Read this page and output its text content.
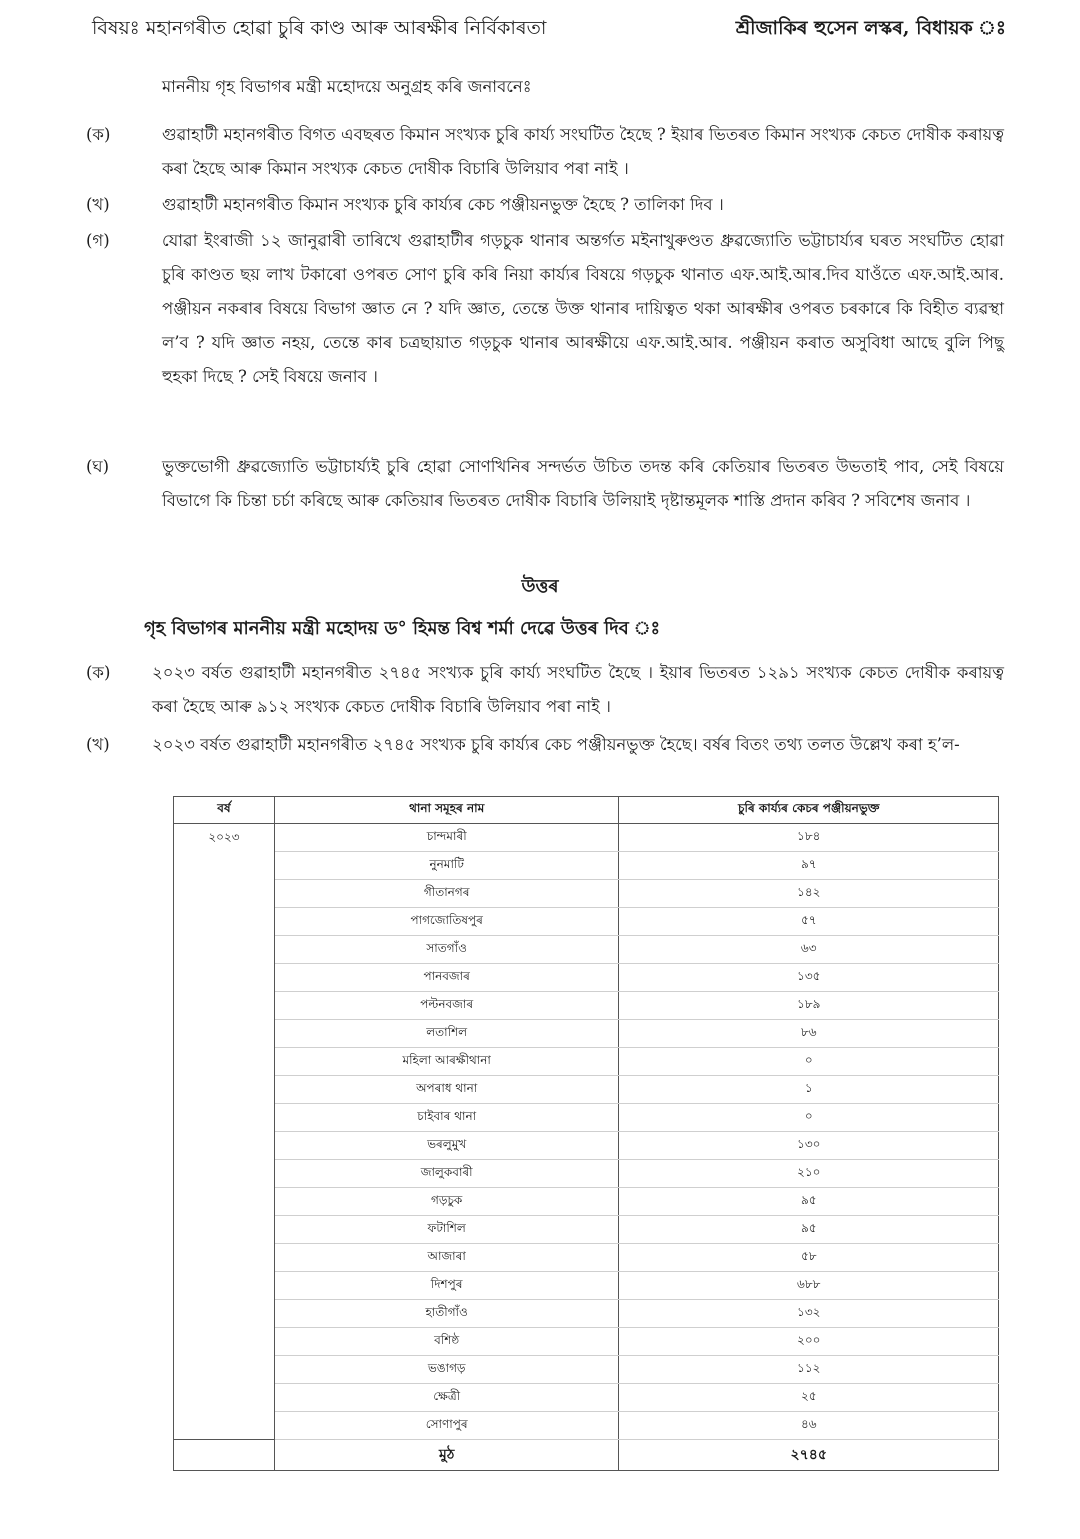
বিষয়ঃ মহানগৰীত হোৱা চুৰি কাণ্ড আৰু আৰক্ষীৰ নিৰ্বিকাৰতা	শ্ৰীজাকিৰ হুসেন লস্কৰ, বিধায়ক ঃ
মাননীয় গৃহ বিভাগৰ মন্ত্ৰী মহোদয়ে অনুগ্ৰহ কৰি জনাবনেঃ
(ক)	গুৱাহাটী মহানগৰীত বিগত এবছৰত কিমান সংখ্যক চুৰি কাৰ্য্য সংঘটিত হৈছে ? ইয়াৰ ভিতৰত কিমান সংখ্যক কেচত দোষীক কৰায়ত্ব কৰা হৈছে আৰু কিমান সংখ্যক কেচত দোষীক বিচাৰি উলিয়াব পৰা নাই ।
(খ)	গুৱাহাটী মহানগৰীত কিমান সংখ্যক চুৰি কাৰ্য্যৰ কেচ পঞ্জীয়নভুক্ত হৈছে ? তালিকা দিব ।
(গ)	যোৱা ইংৰাজী ১২ জানুৱাৰী তাৰিখে গুৱাহাটীৰ গড়চুক থানাৰ অন্তৰ্গত মইনাখুৰুণ্ডত ধ্ৰুৱজ্যোতি ভট্টাচাৰ্য্যৰ ঘৰত সংঘটিত হোৱা চুৰি কাণ্ডত ছয় লাখ টকাৰো ওপৰত সোণ চুৰি কৰি নিয়া কাৰ্য্যৰ বিষয়ে গড়চুক থানাত এফ.আই.আৰ.দিব যাওঁতে এফ.আই.আৰ. পঞ্জীয়ন নকৰাৰ বিষয়ে বিভাগ জ্ঞাত নে ? যদি জ্ঞাত, তেন্তে উক্ত থানাৰ দায়িত্বত থকা আৰক্ষীৰ ওপৰত চৰকাৰে কি বিহীত ব্যৱস্থা ল’ব ? যদি জ্ঞাত নহয়, তেন্তে কাৰ চত্ৰছায়াত গড়চুক থানাৰ আৰক্ষীয়ে এফ.আই.আৰ. পঞ্জীয়ন কৰাত অসুবিধা আছে বুলি পিছু হুহকা দিছে ? সেই বিষয়ে জনাব ।
(ঘ)	ভুক্তভোগী ধ্ৰুৱজ্যোতি ভট্টাচাৰ্য্যই চুৰি হোৱা সোণখিনিৰ সন্দৰ্ভত উচিত তদন্ত কৰি কেতিয়াৰ ভিতৰত উভতাই পাব, সেই বিষয়ে বিভাগে কি চিন্তা চৰ্চা কৰিছে আৰু কেতিয়াৰ ভিতৰত দোষীক বিচাৰি উলিয়াই দৃষ্টান্তমূলক শাস্তি প্ৰদান কৰিব ? সবিশেষ জনাব ।
উত্তৰ
গৃহ বিভাগৰ মাননীয় মন্ত্ৰী মহোদয় ড° হিমন্ত বিশ্ব শৰ্মা দেৱে উত্তৰ দিব ঃ
(ক)	২০২৩ বৰ্ষত গুৱাহাটী মহানগৰীত ২৭৪৫ সংখ্যক চুৰি কাৰ্য্য সংঘটিত হৈছে । ইয়াৰ ভিতৰত ১২৯১ সংখ্যক কেচত দোষীক কৰায়ত্ব কৰা হৈছে আৰু ৯১২ সংখ্যক কেচত দোষীক বিচাৰি উলিয়াব পৰা নাই ।
(খ)	২০২৩ বৰ্ষত গুৱাহাটী মহানগৰীত ২৭৪৫ সংখ্যক চুৰি কাৰ্য্যৰ কেচ পঞ্জীয়নভুক্ত হৈছে। বৰ্ষৰ বিতং তথ্য তলত উল্লেখ কৰা হ’ল-
বৰ্ষ	থানা সমূহৰ নাম	চুৰি কাৰ্য্যৰ কেচৰ পঞ্জীয়নভুক্ত
২০২৩	চান্দমাৰী	১৮৪
	নুনমাটি	৯৭
	গীতানগৰ	১৪২
	পাগজোতিষপুৰ	৫৭
	সাতগাঁও	৬৩
	পানবজাৰ	১৩৫
	পল্টনবজাৰ	১৮৯
	লতাশিল	৮৬
	মহিলা আৰক্ষীথানা	০
	অপৰাধ থানা	১
	চাইবাৰ থানা	০
	ভৰলুমুখ	১৩০
	জালুকবাৰী	২১০
	গড়চুক	৯৫
	ফটাশিল	৯৫
	আজাৰা	৫৮
	দিশপুৰ	৬৮৮
	হাতীগাঁও	১৩২
	বশিষ্ঠ	২০০
	ভঙাগড়	১১২
	ক্ষেত্ৰী	২৫
	সোণাপুৰ	৪৬
	মুঠ	২৭৪৫
